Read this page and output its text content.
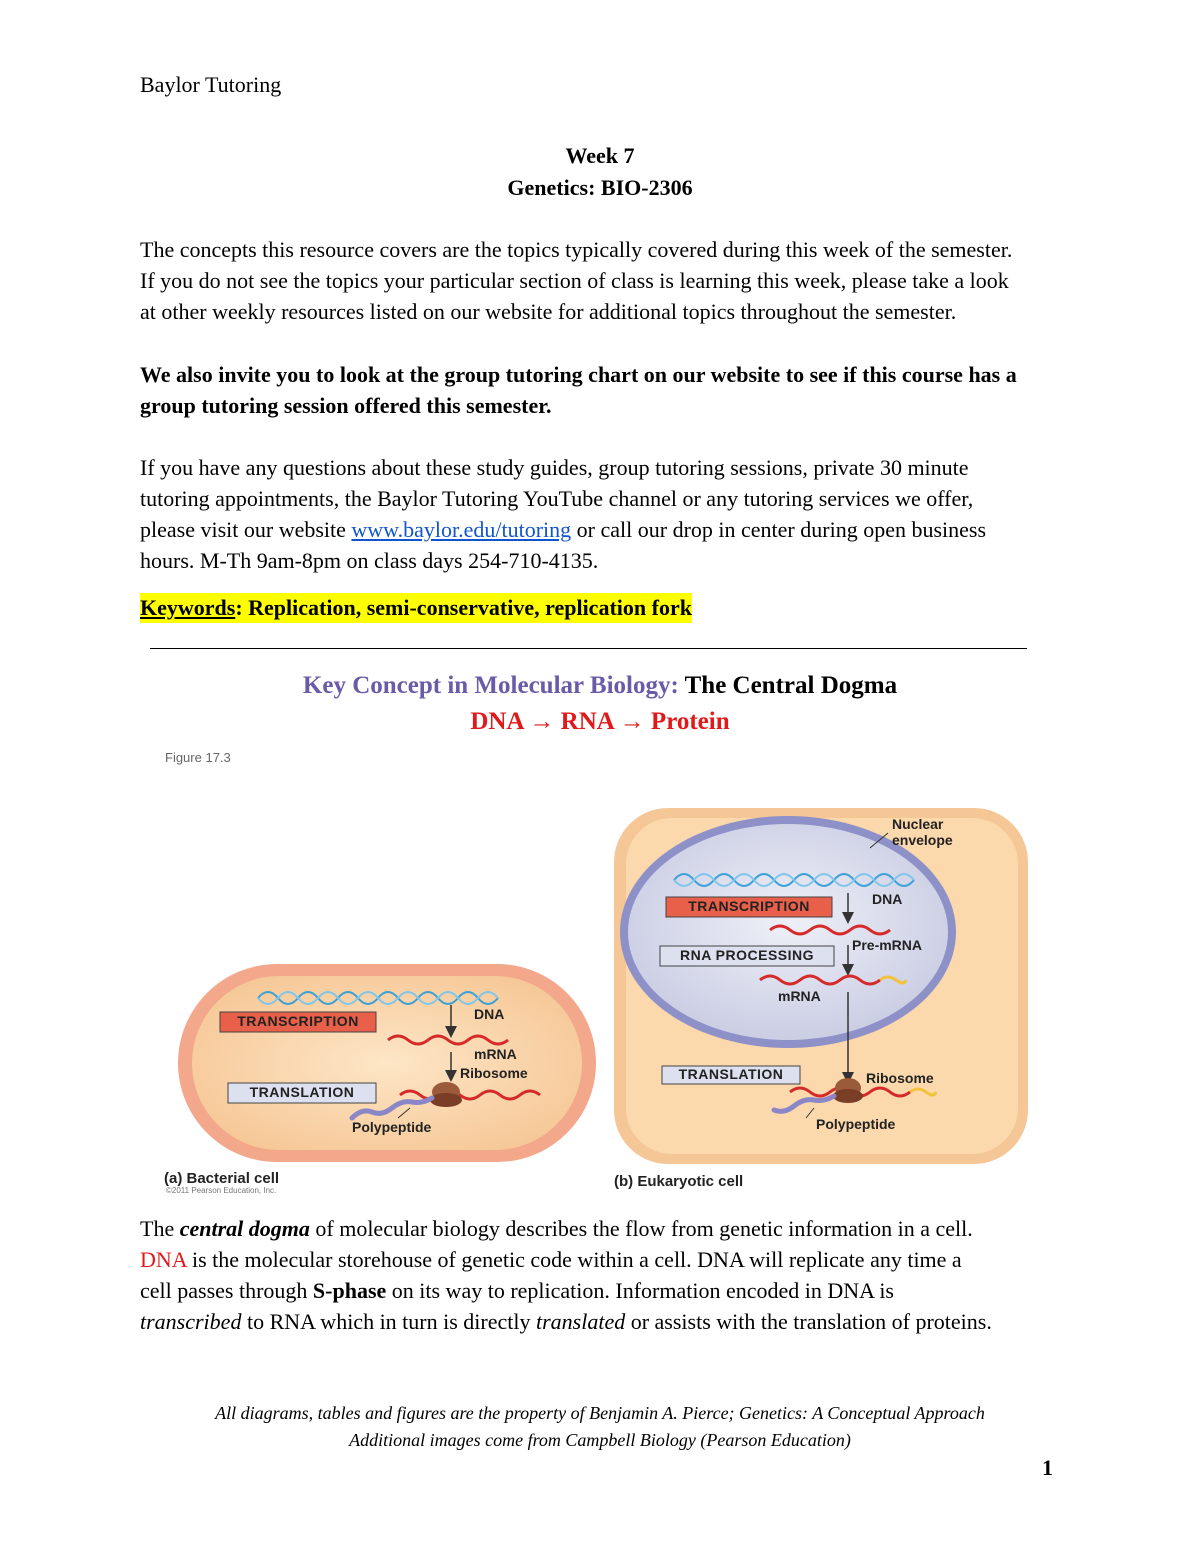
Baylor Tutoring
Week 7
Genetics: BIO-2306
The concepts this resource covers are the topics typically covered during this week of the semester.
If you do not see the topics your particular section of class is learning this week, please take a look
at other weekly resources listed on our website for additional topics throughout the semester.
We also invite you to look at the group tutoring chart on our website to see if this course has a
group tutoring session offered this semester.
If you have any questions about these study guides, group tutoring sessions, private 30 minute
tutoring appointments, the Baylor Tutoring YouTube channel or any tutoring services we offer,
please visit our website www.baylor.edu/tutoring or call our drop in center during open business
hours. M-Th 9am-8pm on class days 254-710-4135.
Keywords: Replication, semi-conservative, replication fork
Key Concept in Molecular Biology: The Central Dogma
DNA → RNA → Protein
Figure 17.3
TRANSCRIPTION
TRANSLATION
DNA
mRNA
Ribosome
Polypeptide
(a) Bacterial cell
Nuclear
envelope
TRANSCRIPTION
RNA PROCESSING
DNA
Pre-mRNA
mRNA
TRANSLATION	Ribosome
Polypeptide
(b) Eukaryotic cell
©2011 Pearson Education, Inc.
The central dogma of molecular biology describes the flow from genetic information in a cell.
DNA is the molecular storehouse of genetic code within a cell. DNA will replicate any time a
cell passes through S-phase on its way to replication. Information encoded in DNA is
transcribed to RNA which in turn is directly translated or assists with the translation of proteins.
All diagrams, tables and figures are the property of Benjamin A. Pierce; Genetics: A Conceptual Approach
Additional images come from Campbell Biology (Pearson Education)
1
